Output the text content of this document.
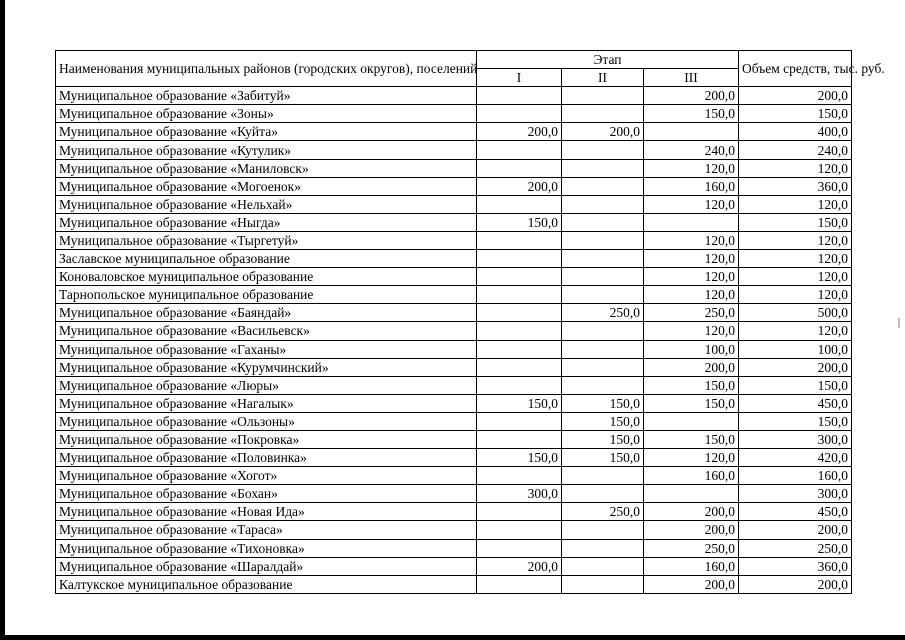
Наименования муниципальных районов (городских округов), поселений	Этап			Объем средств, тыс. руб.
	I	II	III	
Муниципальное образование «Забитуй»			200,0	200,0
Муниципальное образование «Зоны»			150,0	150,0
Муниципальное образование «Куйта»	200,0	200,0		400,0
Муниципальное образование «Кутулик»			240,0	240,0
Муниципальное образование «Маниловск»			120,0	120,0
Муниципальное образование «Могоенок»	200,0		160,0	360,0
Муниципальное образование «Нельхай»			120,0	120,0
Муниципальное образование «Ныгда»	150,0			150,0
Муниципальное образование «Тыргетуй»			120,0	120,0
Заславское муниципальное образование			120,0	120,0
Коноваловское муниципальное образование			120,0	120,0
Тарнопольское муниципальное образование			120,0	120,0
Муниципальное образование «Баяндай»		250,0	250,0	500,0
Муниципальное образование «Васильевск»			120,0	120,0
Муниципальное образование «Гаханы»			100,0	100,0
Муниципальное образование «Курумчинский»			200,0	200,0
Муниципальное образование «Люры»			150,0	150,0
Муниципальное образование «Нагалык»	150,0	150,0	150,0	450,0
Муниципальное образование «Ользоны»		150,0		150,0
Муниципальное образование «Покровка»		150,0	150,0	300,0
Муниципальное образование «Половинка»	150,0	150,0	120,0	420,0
Муниципальное образование «Хогот»			160,0	160,0
Муниципальное образование «Бохан»	300,0			300,0
Муниципальное образование «Новая Ида»		250,0	200,0	450,0
Муниципальное образование «Тараса»			200,0	200,0
Муниципальное образование «Тихоновка»			250,0	250,0
Муниципальное образование «Шаралдай»	200,0		160,0	360,0
Калтукское муниципальное образование			200,0	200,0
